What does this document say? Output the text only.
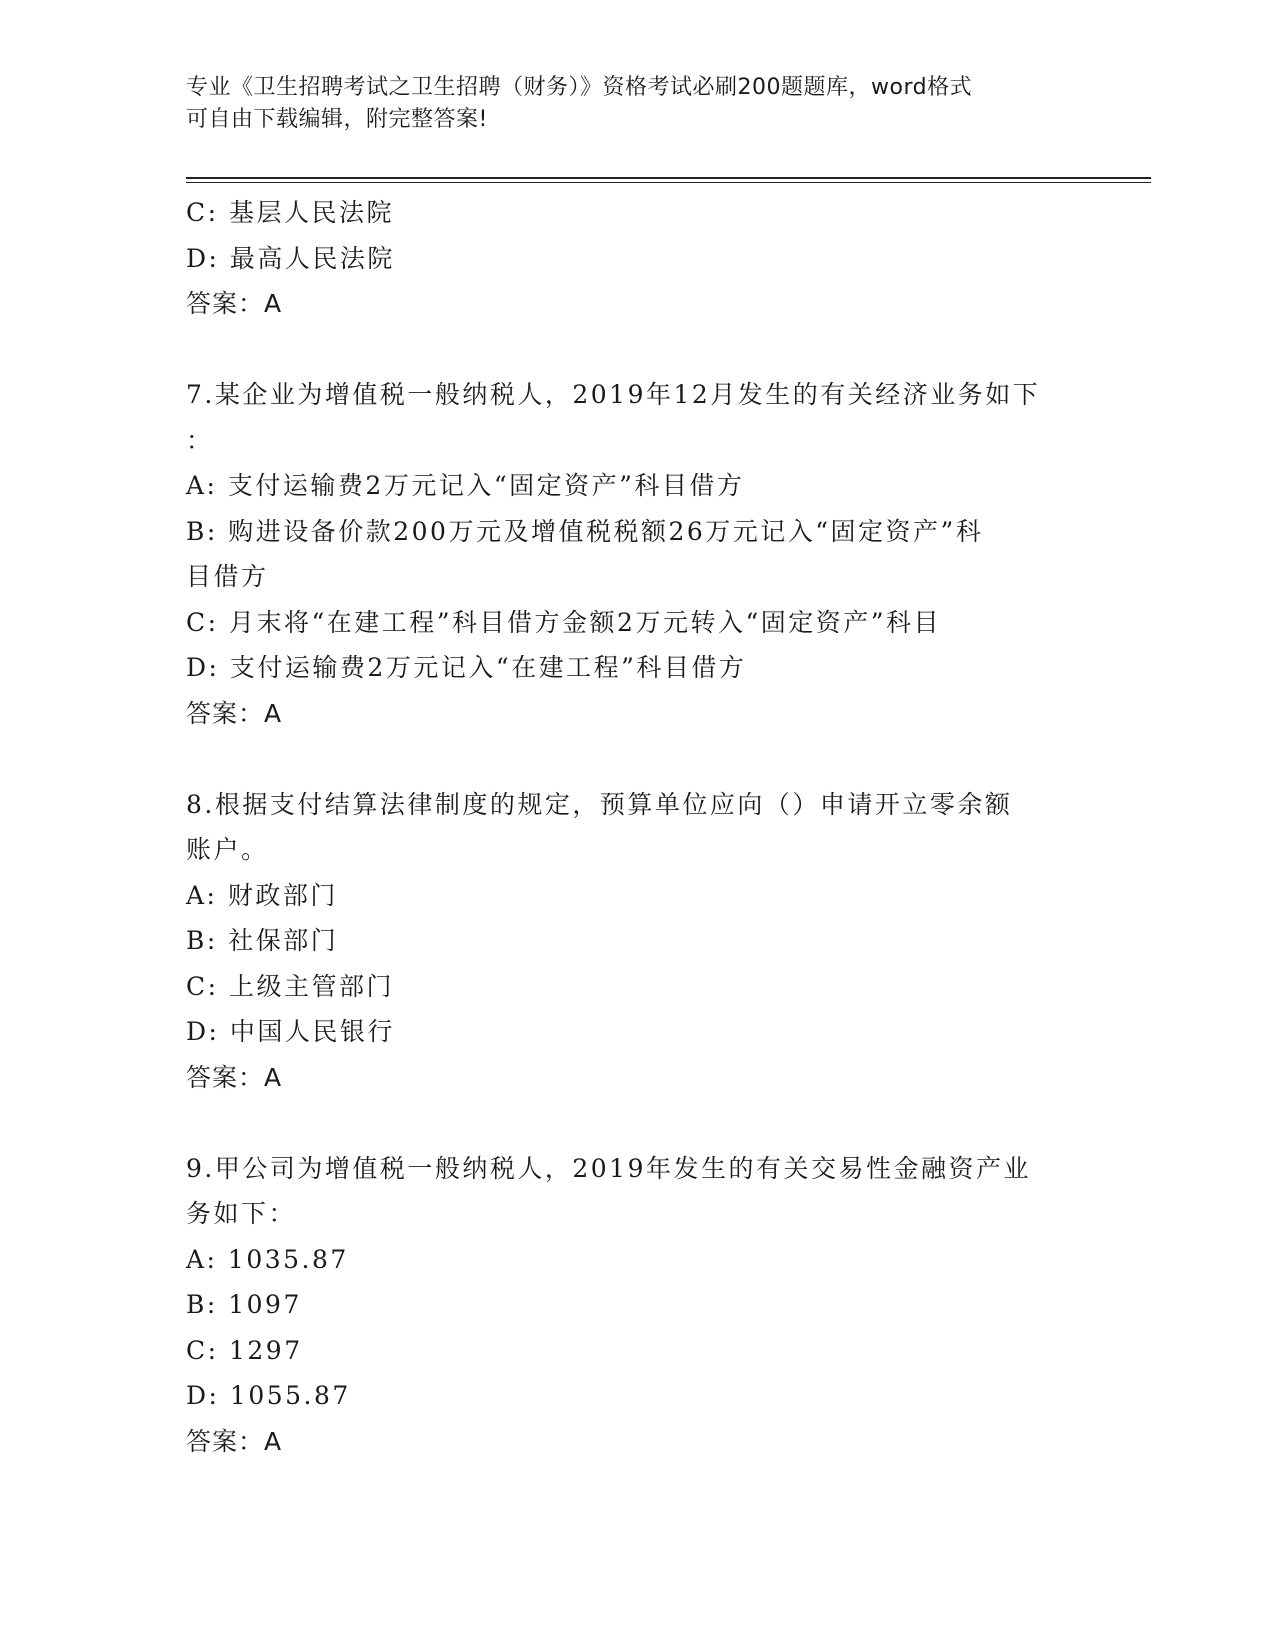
专业《卫生招聘考试之卫生招聘（财务）》资格考试必刷200题题库，word格式
可自由下载编辑，附完整答案!
C: 基层人民法院
D: 最高人民法院
答案：A
7.某企业为增值税一般纳税人，2019年12月发生的有关经济业务如下
：
A: 支付运输费2万元记入“固定资产”科目借方
B: 购进设备价款200万元及增值税税额26万元记入“固定资产”科
目借方
C: 月末将“在建工程”科目借方金额2万元转入“固定资产”科目
D: 支付运输费2万元记入“在建工程”科目借方
答案：A
8.根据支付结算法律制度的规定，预算单位应向（）申请开立零余额
账户。
A: 财政部门
B: 社保部门
C: 上级主管部门
D: 中国人民银行
答案：A
9.甲公司为增值税一般纳税人，2019年发生的有关交易性金融资产业
务如下：
A: 1035.87
B: 1097
C: 1297
D: 1055.87
答案：A
